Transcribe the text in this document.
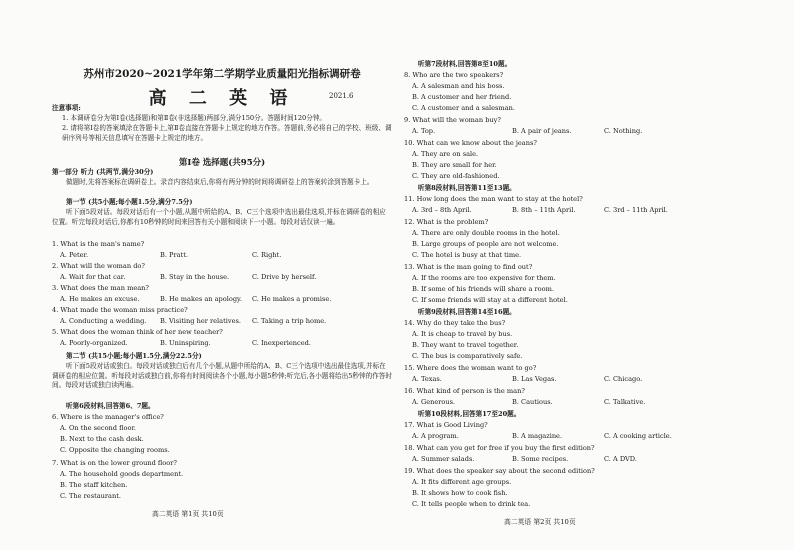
苏州市2020~2021学年第二学期学业质量阳光指标调研卷
高 二 英 语	2021.6
注意事项:
1. 本调研卷分为第Ⅰ卷(选择题)和第Ⅱ卷(非选择题)两部分,满分150分。答题时间120分钟。
2. 请将第Ⅰ卷的答案填涂在答题卡上,第Ⅱ卷直接在答题卡上规定的地方作答。答题前,务必将自己的学校、班级、调研序列号等相关信息填写在答题卡上规定的地方。
第Ⅰ卷 选择题(共95分)
第一部分 听力 (共两节,满分30分)
做题时,先将答案标在调研卷上。录音内容结束后,你将有两分钟的时间将调研卷上的答案转涂到答题卡上。
第一节 (共5小题;每小题1.5分,满分7.5分)
听下面5段对话。每段对话后有一个小题,从题中所给的A、B、C三个选项中选出最佳选项,并标在调研卷的相应位置。听完每段对话后,你都有10秒钟的时间来回答有关小题和阅读下一小题。每段对话仅读一遍。
1. What is the man's name?
A. Peter.	B. Pratt.	C. Right.
2. What will the woman do?
A. Wait for that car.	B. Stay in the house.	C. Drive by herself.
3. What does the man mean?
A. He makes an excuse.	B. He makes an apology. C. He makes a promise.
4. What made the woman miss practice?
A. Conducting a wedding. B. Visiting her relatives. C. Taking a trip home.
5. What does the woman think of her new teacher?
A. Poorly-organized.	B. Uninspiring.	C. Inexperienced.
第二节 (共15小题;每小题1.5分,满分22.5分)
听下面5段对话或独白。每段对话或独白后有几个小题,从题中所给的A、B、C三个选项中选出最佳选项,并标在调研卷的相应位置。听每段对话或独白前,你将有时间阅读各个小题,每小题5秒钟;听完后,各小题将给出5秒钟的作答时间。每段对话或独白读两遍。
听第6段材料,回答第6、7题。
6. Where is the manager's office?
A. On the second floor.
B. Next to the cash desk.
C. Opposite the changing rooms.
7. What is on the lower ground floor?
A. The household goods department.
B. The staff kitchen.
C. The restaurant.
高二英语 第1页 共10页
听第7段材料,回答第8至10题。
8. Who are the two speakers?
A. A salesman and his boss.
B. A customer and her friend.
C. A customer and a salesman.
9. What will the woman buy?
A. Top.	B. A pair of jeans.	C. Nothing.
10. What can we know about the jeans?
A. They are on sale.
B. They are small for her.
C. They are old-fashioned.
听第8段材料,回答第11至13题。
11. How long does the man want to stay at the hotel?
A. 3rd – 8th April.	B. 8th – 11th April.	C. 3rd – 11th April.
12. What is the problem?
A. There are only double rooms in the hotel.
B. Large groups of people are not welcome.
C. The hotel is busy at that time.
13. What is the man going to find out?
A. If the rooms are too expensive for them.
B. If some of his friends will share a room.
C. If some friends will stay at a different hotel.
听第9段材料,回答第14至16题。
14. Why do they take the bus?
A. It is cheap to travel by bus.
B. They want to travel together.
C. The bus is comparatively safe.
15. Where does the woman want to go?
A. Texas.	B. Las Vegas.	C. Chicago.
16. What kind of person is the man?
A. Generous.	B. Cautious.	C. Talkative.
听第10段材料,回答第17至20题。
17. What is Good Living?
A. A program.	B. A magazine.	C. A cooking article.
18. What can you get for free if you buy the first edition?
A. Summer salads.	B. Some recipes.	C. A DVD.
19. What does the speaker say about the second edition?
A. It fits different age groups.
B. It shows how to cook fish.
C. It tells people when to drink tea.
高二英语 第2页 共10页
